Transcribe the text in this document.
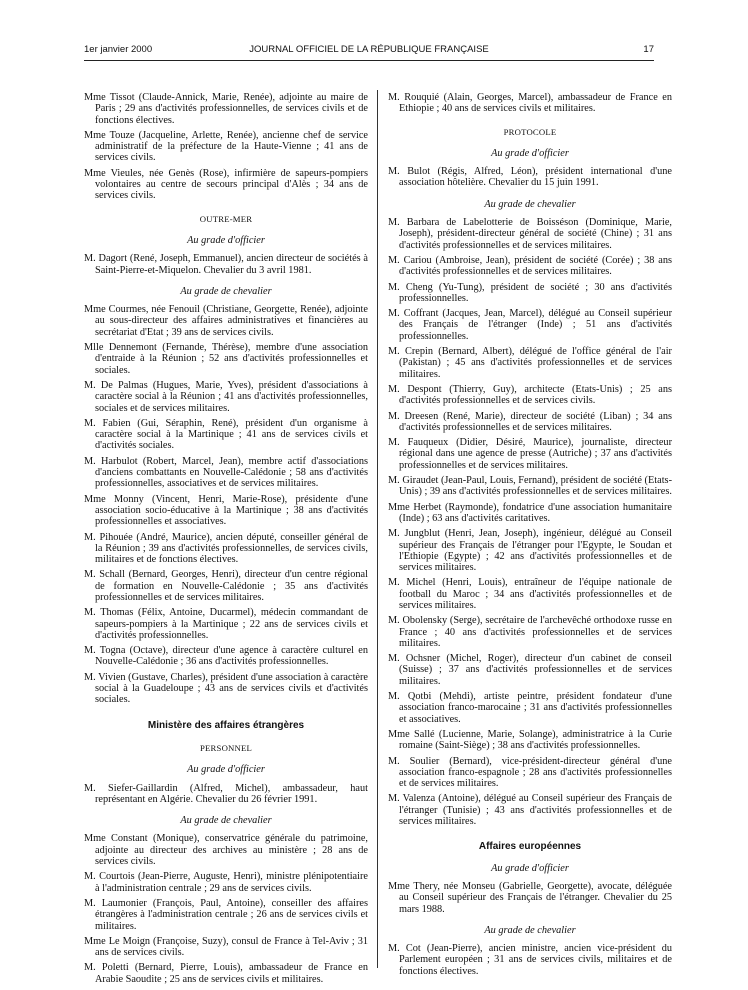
1er janvier 2000	JOURNAL OFFICIEL DE LA RÉPUBLIQUE FRANÇAISE	17

Mme Tissot (Claude-Annick, Marie, Renée), adjointe au maire de Paris ; 29 ans d'activités professionnelles, de services civils et de fonctions électives.

Mme Touze (Jacqueline, Arlette, Renée), ancienne chef de service administratif de la préfecture de la Haute-Vienne ; 41 ans de services civils.

Mme Vieules, née Genès (Rose), infirmière de sapeurs-pompiers volontaires au centre de secours principal d'Alès ; 34 ans de services civils.

OUTRE-MER

Au grade d'officier

M. Dagort (René, Joseph, Emmanuel), ancien directeur de sociétés à Saint-Pierre-et-Miquelon. Chevalier du 3 avril 1981.

Au grade de chevalier

Mme Courmes, née Fenouil (Christiane, Georgette, Renée), adjointe au sous-directeur des affaires administratives et financières au secrétariat d'Etat ; 39 ans de services civils.

Mlle Dennemont (Fernande, Thérèse), membre d'une association d'entraide à la Réunion ; 52 ans d'activités professionnelles et sociales.

M. De Palmas (Hugues, Marie, Yves), président d'associations à caractère social à la Réunion ; 41 ans d'activités professionnelles, sociales et de services militaires.

M. Fabien (Gui, Séraphin, René), président d'un organisme à caractère social à la Martinique ; 41 ans de services civils et d'activités sociales.

M. Harbulot (Robert, Marcel, Jean), membre actif d'associations d'anciens combattants en Nouvelle-Calédonie ; 58 ans d'activités professionnelles, associatives et de services militaires.

Mme Monny (Vincent, Henri, Marie-Rose), présidente d'une association socio-éducative à la Martinique ; 38 ans d'activités professionnelles et associatives.

M. Pihouée (André, Maurice), ancien député, conseiller général de la Réunion ; 39 ans d'activités professionnelles, de services civils, militaires et de fonctions électives.

M. Schall (Bernard, Georges, Henri), directeur d'un centre régional de formation en Nouvelle-Calédonie ; 35 ans d'activités professionnelles et de services militaires.

M. Thomas (Félix, Antoine, Ducarmel), médecin commandant de sapeurs-pompiers à la Martinique ; 22 ans de services civils et d'activités professionnelles.

M. Togna (Octave), directeur d'une agence à caractère culturel en Nouvelle-Calédonie ; 36 ans d'activités professionnelles.

M. Vivien (Gustave, Charles), président d'une association à caractère social à la Guadeloupe ; 43 ans de services civils et d'activités sociales.

Ministère des affaires étrangères

PERSONNEL

Au grade d'officier

M. Siefer-Gaillardin (Alfred, Michel), ambassadeur, haut représentant en Algérie. Chevalier du 26 février 1991.

Au grade de chevalier

Mme Constant (Monique), conservatrice générale du patrimoine, adjointe au directeur des archives au ministère ; 28 ans de services civils.

M. Courtois (Jean-Pierre, Auguste, Henri), ministre plénipotentiaire à l'administration centrale ; 29 ans de services civils.

M. Laumonier (François, Paul, Antoine), conseiller des affaires étrangères à l'administration centrale ; 26 ans de services civils et militaires.

Mme Le Moign (Françoise, Suzy), consul de France à Tel-Aviv ; 31 ans de services civils.

M. Poletti (Bernard, Pierre, Louis), ambassadeur de France en Arabie Saoudite ; 25 ans de services civils et militaires.

M. Rouquié (Alain, Georges, Marcel), ambassadeur de France en Ethiopie ; 40 ans de services civils et militaires.

PROTOCOLE

Au grade d'officier

M. Bulot (Régis, Alfred, Léon), président international d'une association hôtelière. Chevalier du 15 juin 1991.

Au grade de chevalier

M. Barbara de Labelotterie de Boisséson (Dominique, Marie, Joseph), président-directeur général de société (Chine) ; 31 ans d'activités professionnelles et de services militaires.

M. Cariou (Ambroise, Jean), président de société (Corée) ; 38 ans d'activités professionnelles et de services militaires.

M. Cheng (Yu-Tung), président de société ; 30 ans d'activités professionnelles.

M. Coffrant (Jacques, Jean, Marcel), délégué au Conseil supérieur des Français de l'étranger (Inde) ; 51 ans d'activités professionnelles.

M. Crepin (Bernard, Albert), délégué de l'office général de l'air (Pakistan) ; 45 ans d'activités professionnelles et de services militaires.

M. Despont (Thierry, Guy), architecte (Etats-Unis) ; 25 ans d'activités professionnelles et de services civils.

M. Dreesen (René, Marie), directeur de société (Liban) ; 34 ans d'activités professionnelles et de services militaires.

M. Fauqueux (Didier, Désiré, Maurice), journaliste, directeur régional dans une agence de presse (Autriche) ; 37 ans d'activités professionnelles et de services militaires.

M. Giraudet (Jean-Paul, Louis, Fernand), président de société (Etats-Unis) ; 39 ans d'activités professionnelles et de services militaires.

Mme Herbet (Raymonde), fondatrice d'une association humanitaire (Inde) ; 63 ans d'activités caritatives.

M. Jungblut (Henri, Jean, Joseph), ingénieur, délégué au Conseil supérieur des Français de l'étranger pour l'Egypte, le Soudan et l'Ethiopie (Egypte) ; 42 ans d'activités professionnelles et de services militaires.

M. Michel (Henri, Louis), entraîneur de l'équipe nationale de football du Maroc ; 34 ans d'activités professionnelles et de services militaires.

M. Obolensky (Serge), secrétaire de l'archevêché orthodoxe russe en France ; 40 ans d'activités professionnelles et de services militaires.

M. Ochsner (Michel, Roger), directeur d'un cabinet de conseil (Suisse) ; 37 ans d'activités professionnelles et de services militaires.

M. Qotbi (Mehdi), artiste peintre, président fondateur d'une association franco-marocaine ; 31 ans d'activités professionnelles et associatives.

Mme Sallé (Lucienne, Marie, Solange), administratrice à la Curie romaine (Saint-Siège) ; 38 ans d'activités professionnelles.

M. Soulier (Bernard), vice-président-directeur général d'une association franco-espagnole ; 28 ans d'activités professionnelles et de services militaires.

M. Valenza (Antoine), délégué au Conseil supérieur des Français de l'étranger (Tunisie) ; 43 ans d'activités professionnelles et de services militaires.

Affaires européennes

Au grade d'officier

Mme Thery, née Monseu (Gabrielle, Georgette), avocate, déléguée au Conseil supérieur des Français de l'étranger. Chevalier du 25 mars 1988.

Au grade de chevalier

M. Cot (Jean-Pierre), ancien ministre, ancien vice-président du Parlement européen ; 31 ans de services civils, militaires et de fonctions électives.
